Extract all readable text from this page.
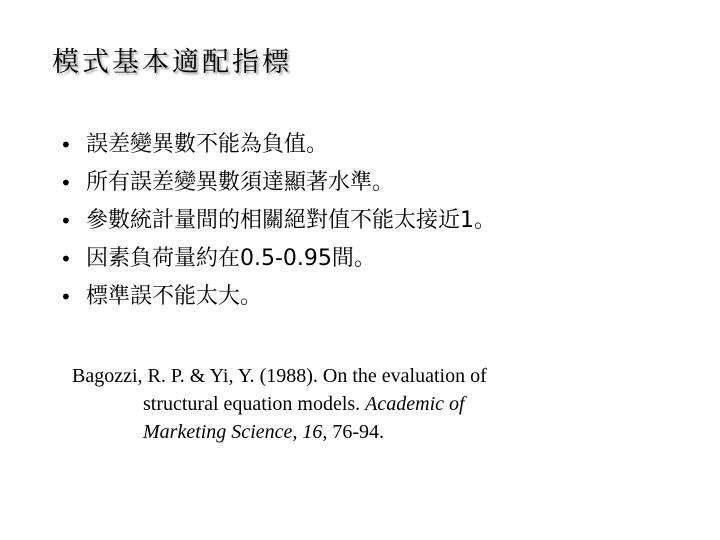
模式基本適配指標
• 誤差變異數不能為負值。
• 所有誤差變異數須達顯著水準。
• 參數統計量間的相關絕對值不能太接近1。
• 因素負荷量約在0.5-0.95間。
• 標準誤不能太大。
Bagozzi, R. P. & Yi, Y. (1988). On the evaluation of
structural equation models. Academic of
Marketing Science, 16, 76-94.
